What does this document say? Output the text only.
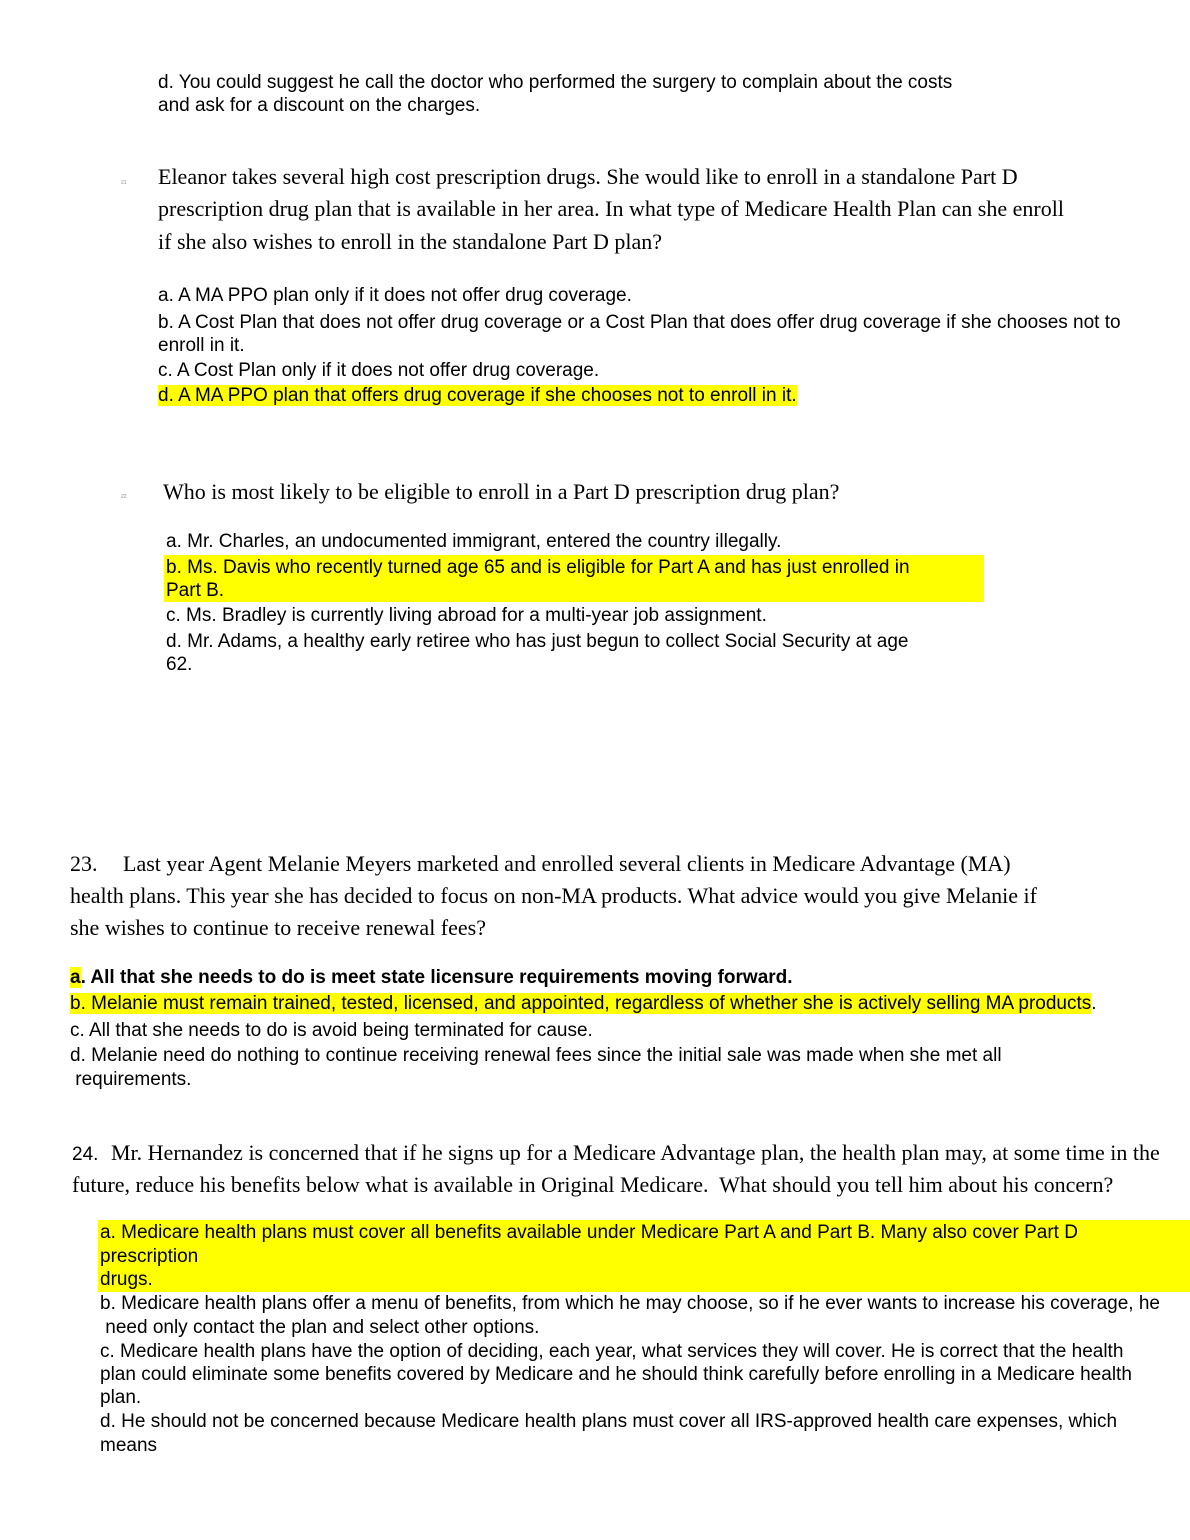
d. You could suggest he call the doctor who performed the surgery to complain about the costs
and ask for a discount on the charges.
21 Eleanor takes several high cost prescription drugs. She would like to enroll in a standalone Part D
prescription drug plan that is available in her area. In what type of Medicare Health Plan can she enroll
if she also wishes to enroll in the standalone Part D plan?
a. A MA PPO plan only if it does not offer drug coverage.
b. A Cost Plan that does not offer drug coverage or a Cost Plan that does offer drug coverage if she chooses not to
enroll in it.
c. A Cost Plan only if it does not offer drug coverage.
d. A MA PPO plan that offers drug coverage if she chooses not to enroll in it.
22 Who is most likely to be eligible to enroll in a Part D prescription drug plan?
a. Mr. Charles, an undocumented immigrant, entered the country illegally.
b. Ms. Davis who recently turned age 65 and is eligible for Part A and has just enrolled in
Part B.
c. Ms. Bradley is currently living abroad for a multi-year job assignment.
d. Mr. Adams, a healthy early retiree who has just begun to collect Social Security at age
62.
23. Last year Agent Melanie Meyers marketed and enrolled several clients in Medicare Advantage (MA)
health plans. This year she has decided to focus on non-MA products. What advice would you give Melanie if
she wishes to continue to receive renewal fees?
a. All that she needs to do is meet state licensure requirements moving forward.
b. Melanie must remain trained, tested, licensed, and appointed, regardless of whether she is actively selling MA products.
c. All that she needs to do is avoid being terminated for cause.
d. Melanie need do nothing to continue receiving renewal fees since the initial sale was made when she met all
requirements.
24. Mr. Hernandez is concerned that if he signs up for a Medicare Advantage plan, the health plan may, at some time in the
future, reduce his benefits below what is available in Original Medicare.  What should you tell him about his concern?
a. Medicare health plans must cover all benefits available under Medicare Part A and Part B. Many also cover Part D
prescription
drugs.
b. Medicare health plans offer a menu of benefits, from which he may choose, so if he ever wants to increase his coverage, he
need only contact the plan and select other options.
c. Medicare health plans have the option of deciding, each year, what services they will cover. He is correct that the health
plan could eliminate some benefits covered by Medicare and he should think carefully before enrolling in a Medicare health
plan.
d. He should not be concerned because Medicare health plans must cover all IRS-approved health care expenses, which
means
